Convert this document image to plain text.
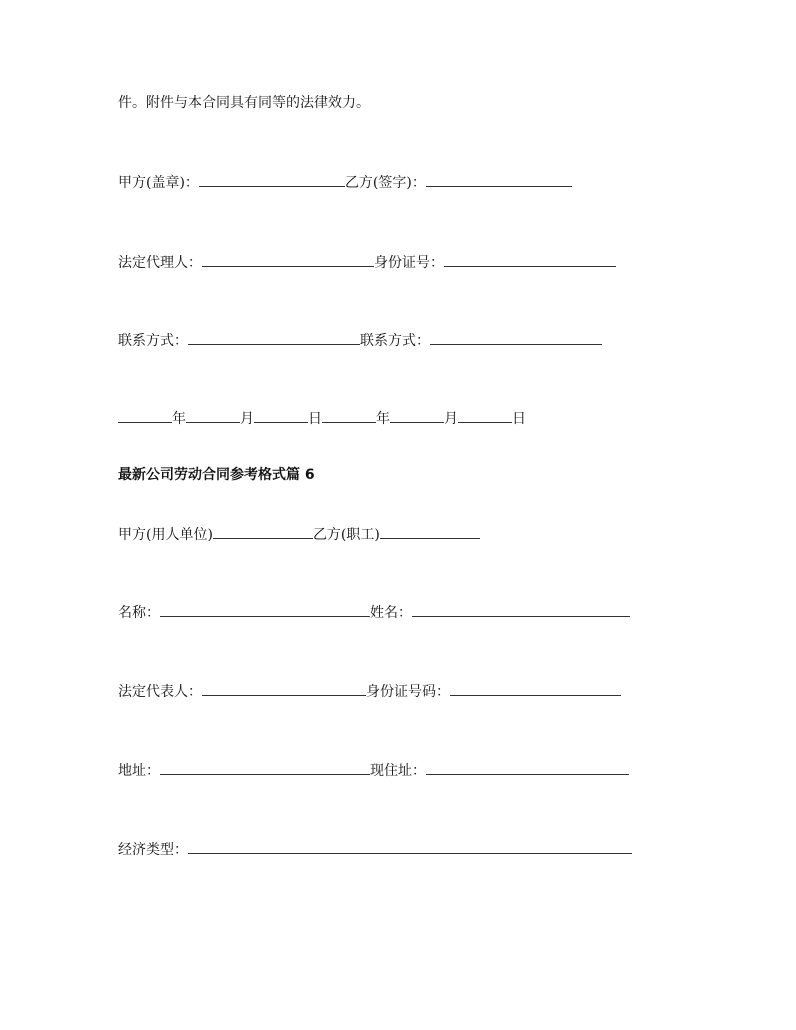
件。附件与本合同具有同等的法律效力。
甲方(盖章)：	乙方(签字)：
法定代理人：	身份证号：
联系方式：	联系方式：
年	月	日	年	月	日
最新公司劳动合同参考格式篇 6
甲方(用人单位)	乙方(职工)
名称：	姓名：
法定代表人：	身份证号码：
地址：	现住址：
经济类型：
